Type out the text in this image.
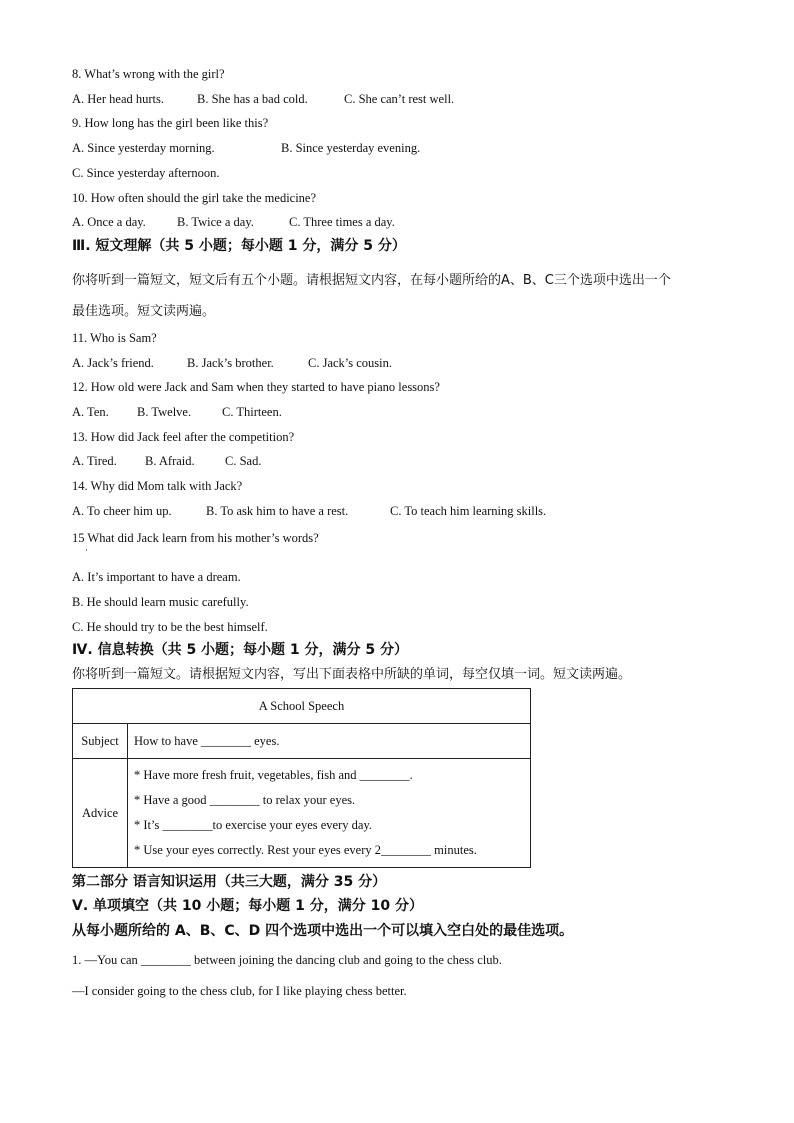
8. What’s wrong with the girl?
A. Her head hurts.	B. She has a bad cold.	C. She can’t rest well.
9. How long has the girl been like this?
A. Since yesterday morning.	B. Since yesterday evening.
C. Since yesterday afternoon.
10. How often should the girl take the medicine?
A. Once a day. B. Twice a day.	C. Three times a day.
Ⅲ. 短文理解（共 5 小题；每小题 1 分，满分 5 分）
你将听到一篇短文，短文后有五个小题。请根据短文内容，在每小题所给的A、B、C三个选项中选出一个
最佳选项。短文读两遍。
11. Who is Sam?
A. Jack’s friend.	B. Jack’s brother.	C. Jack’s cousin.
12. How old were Jack and Sam when they started to have piano lessons?
A. Ten. B. Twelve. C. Thirteen.
13. How did Jack feel after the competition?
A. Tired. B. Afraid. C. Sad.
14. Why did Mom talk with Jack?
A. To cheer him up.	B. To ask him to have a rest.	C. To teach him learning skills.
15 What did Jack learn from his mother’s words?
·
A. It’s important to have a dream.
B. He should learn music carefully.
C. He should try to be the best himself.
Ⅳ. 信息转换（共 5 小题；每小题 1 分，满分 5 分）
你将听到一篇短文。请根据短文内容，写出下面表格中所缺的单词，每空仅填一词。短文读两遍。
A School Speech	
Subject	How to have ________ eyes.
Advice	* Have more fresh fruit, vegetables, fish and ________.
* Have a good ________ to relax your eyes.
* It’s ________to exercise your eyes every day.
* Use your eyes correctly. Rest your eyes every 2________ minutes.
第二部分 语言知识运用（共三大题，满分 35 分）
Ⅴ. 单项填空（共 10 小题；每小题 1 分，满分 10 分）
从每小题所给的 A、B、C、D 四个选项中选出一个可以填入空白处的最佳选项。
1. —You can ________ between joining the dancing club and going to the chess club.
—I consider going to the chess club, for I like playing chess better.
